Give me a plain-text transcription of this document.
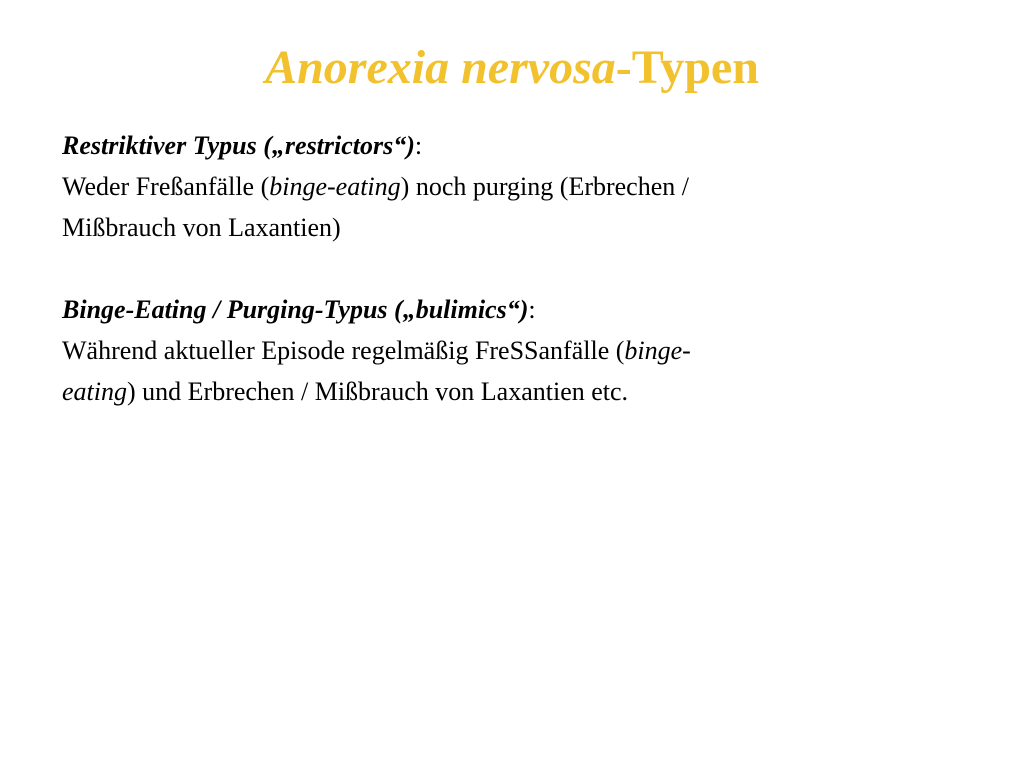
Anorexia nervosa-Typen

Restriktiver Typus („restrictors“):

Weder Freßanfälle (binge-eating) noch purging (Erbrechen /

Mißbrauch von Laxantien)

Binge-Eating / Purging-Typus („bulimics“):

Während aktueller Episode regelmäßig FreSSanfälle (binge-

eating) und Erbrechen / Mißbrauch von Laxantien etc.
